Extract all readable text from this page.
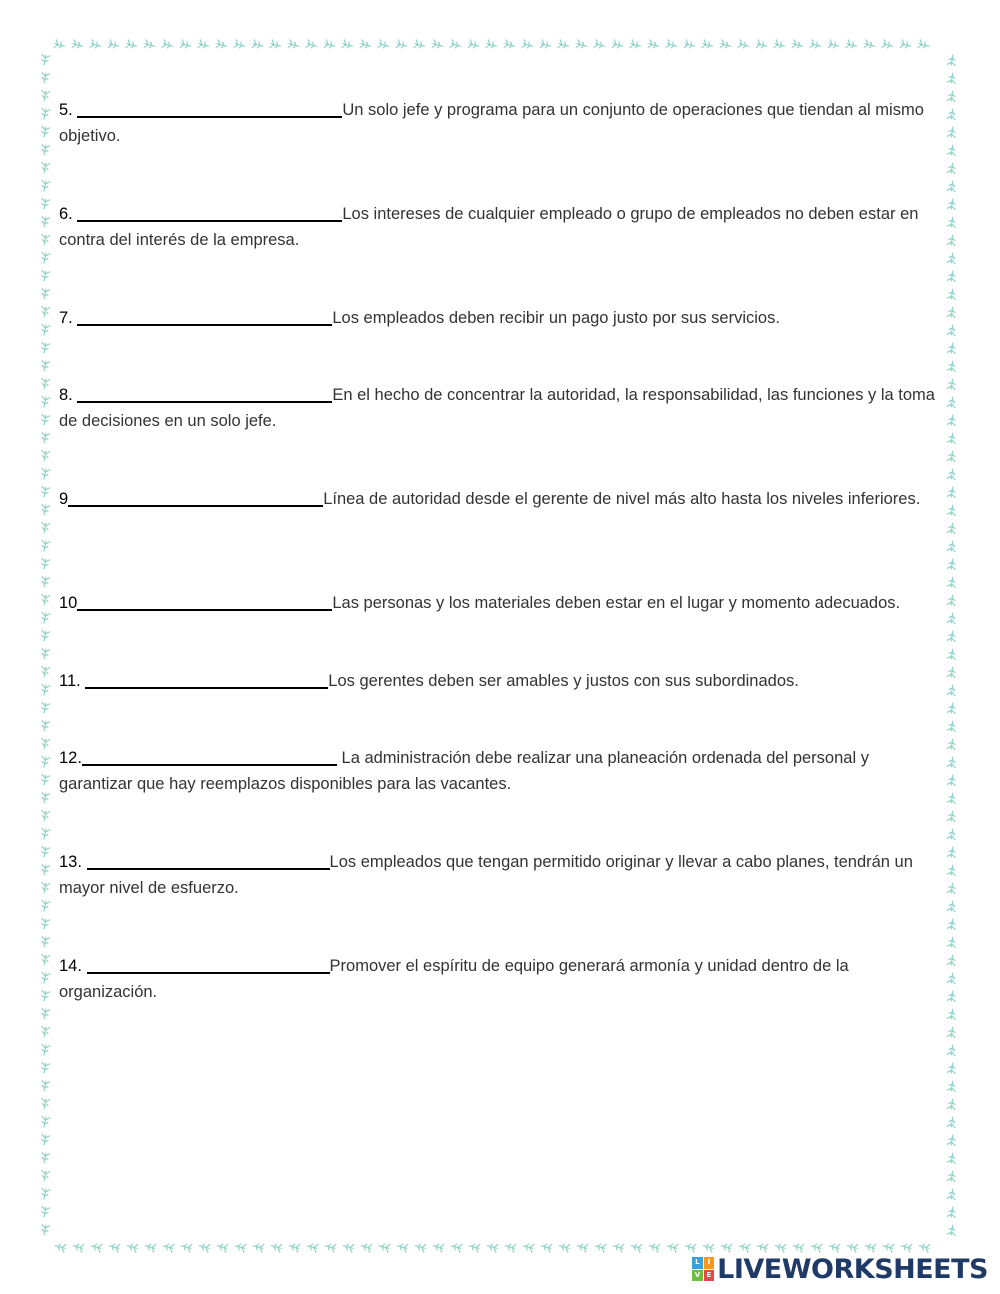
5.	Un solo jefe y programa para un conjunto de operaciones que tiendan al mismo objetivo.
6.	Los intereses de cualquier empleado o grupo de empleados no deben estar en contra del interés de la empresa.
7.	Los empleados deben recibir un pago justo por sus servicios.
8.	En el hecho de concentrar la autoridad, la responsabilidad, las funciones y la toma de decisiones en un solo jefe.
9	Línea de autoridad desde el gerente de nivel más alto hasta los niveles inferiores.
10	Las personas y los materiales deben estar en el lugar y momento adecuados.
11.	Los gerentes deben ser amables y justos con sus subordinados.
12.	La administración debe realizar una planeación ordenada del personal y garantizar que hay reemplazos disponibles para las vacantes.
13.	Los empleados que tengan permitido originar y llevar a cabo planes, tendrán un mayor nivel de esfuerzo.
14.	Promover el espíritu de equipo generará armonía y unidad dentro de la organización.
L	I
V E LIVEWORKSHEETS
